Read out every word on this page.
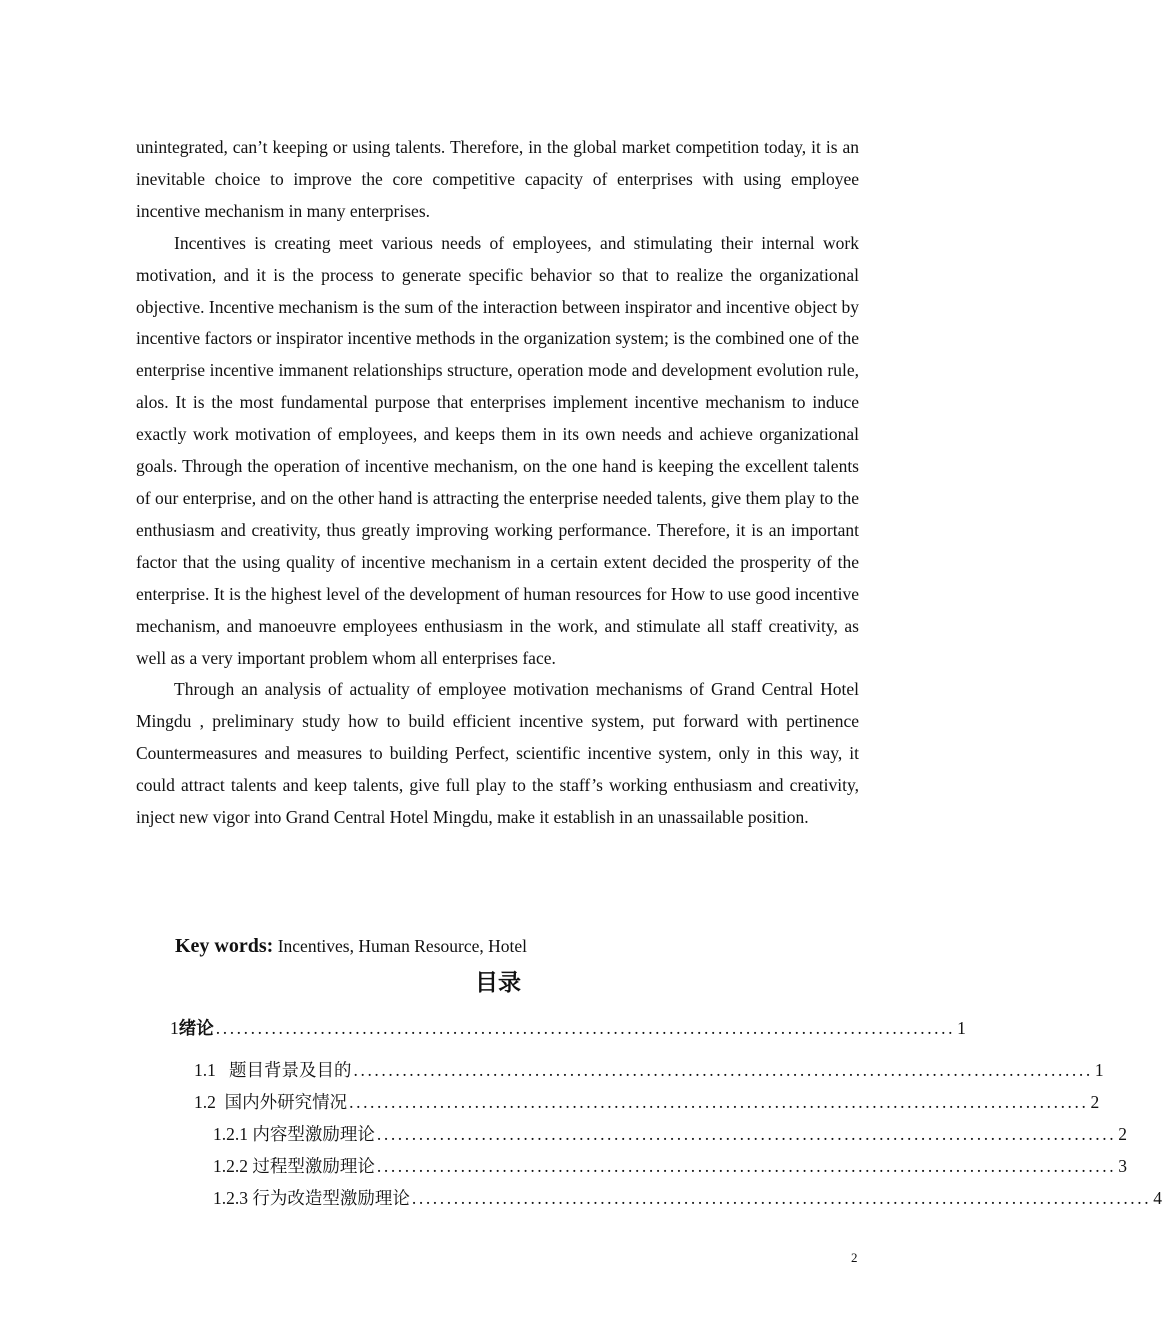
unintegrated, can’t keeping or using talents. Therefore, in the global market competition today, it is an inevitable choice to improve the core competitive capacity of enterprises with using employee incentive mechanism in many enterprises.

Incentives is creating meet various needs of employees, and stimulating their internal work motivation, and it is the process to generate specific behavior so that to realize the organizational objective. Incentive mechanism is the sum of the interaction between inspirator and incentive object by incentive factors or inspirator incentive methods in the organization system; is the combined one of the enterprise incentive immanent relationships structure, operation mode and development evolution rule, alos. It is the most fundamental purpose that enterprises implement incentive mechanism to induce exactly work motivation of employees, and keeps them in its own needs and achieve organizational goals. Through the operation of incentive mechanism, on the one hand is keeping the excellent talents of our enterprise, and on the other hand is attracting the enterprise needed talents, give them play to the enthusiasm and creativity, thus greatly improving working performance. Therefore, it is an important factor that the using quality of incentive mechanism in a certain extent decided the prosperity of the enterprise. It is the highest level of the development of human resources for How to use good incentive mechanism, and manoeuvre employees enthusiasm in the work, and stimulate all staff creativity, as well as a very important problem whom all enterprises face.

Through an analysis of actuality of employee motivation mechanisms of Grand Central Hotel Mingdu , preliminary study how to build efficient incentive system, put forward with pertinence Countermeasures and measures to building Perfect, scientific incentive system, only in this way, it could attract talents and keep talents, give full play to the staff’s working enthusiasm and creativity, inject new vigor into Grand Central Hotel Mingdu, make it establish in an unassailable position.

Key words: Incentives, Human Resource, Hotel
目录
1 绪论 .......................................................................................................... 1
1.1 题目背景及目的 .......................................................................................................... 1
1.2 国内外研究情况 .......................................................................................................... 2
1.2.1 内容型激励理论 .......................................................................................................... 2
1.2.2 过程型激励理论 .......................................................................................................... 3
1.2.3 行为改造型激励理论 .......................................................................................................... 4
2
